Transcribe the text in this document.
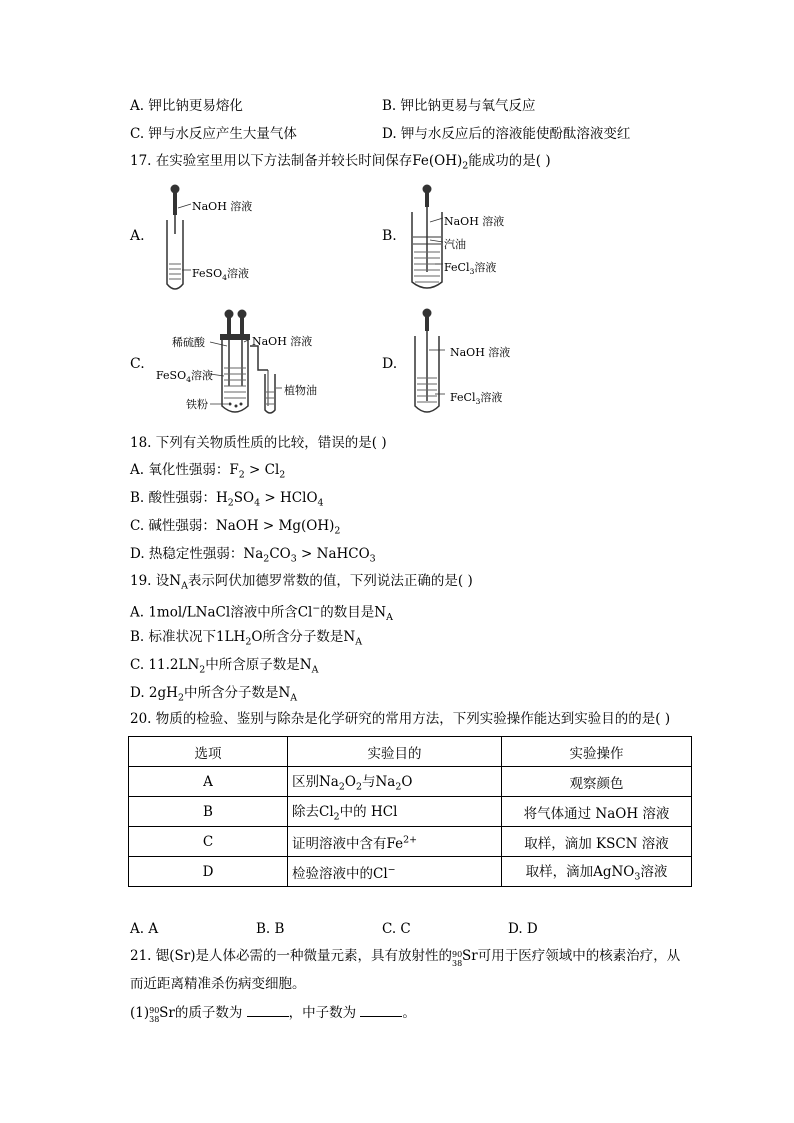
A. 钾比钠更易熔化	B. 钾比钠更易与氧气反应
C. 钾与水反应产生大量气体	D. 钾与水反应后的溶液能使酚酞溶液变红
17. 在实验室里用以下方法制备并较长时间保存$Fe(OH)_2$能成功的是( )
A.
NaOH 溶液
FeSO$_4$溶液
B.
NaOH 溶液
汽油
FeCl$_3$溶液
C.
稀硫酸	NaOH 溶液
FeSO$_4$溶液
植物油
铁粉
D.
NaOH 溶液
FeCl$_3$溶液
18. 下列有关物质性质的比较，错误的是( )
A. 氧化性强弱：$F_2 > Cl_2$
B. 酸性强弱：$H_2SO_4$ > HClO$_4$
C. 碱性强弱：NaOH > $Mg(OH)_2$
D. 热稳定性强弱：$Na_2CO_3$ > NaHCO$_3$
19. 设$N_A$表示阿伏加德罗常数的值，下列说法正确的是( )
A. 1mol/LNaCl溶液中所含Cl−的数目是$N_A$
B. 标准状况下$1LH_2O$所含分子数是$N_A$
C. $11.2LN_2$中所含原子数是$N_A$
D. $2gH_2$中所含分子数是$N_A$
20. 物质的检验、鉴别与除杂是化学研究的常用方法，下列实验操作能达到实验目的的是( )
选项	实验目的	实验操作
A	区别$Na_2O_2$与$Na_2O$	观察颜色
B	除去$Cl_2$中的 HCl	将气体通过 NaOH 溶液
C	证明溶液中含有$Fe^{2+}$	取样，滴加 KSCN 溶液
D	检验溶液中的Cl−	取样，滴加AgNO$_3$溶液
A. A	B. B	C. C	D. D
21. 锶(Sr)是人体必需的一种微量元素，具有放射性的 90
38 Sr可用于医疗领域中的核素治疗，从
而近距离精准杀伤病变细胞。
(1) 90
38 Sr的质子数为	，中子数为	。
